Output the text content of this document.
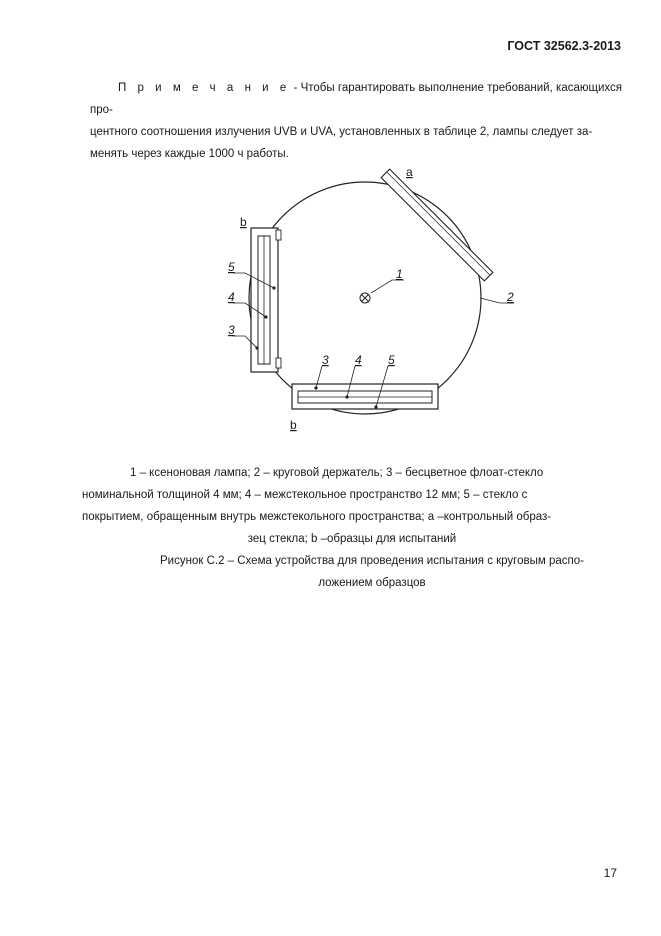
ГОСТ 32562.3-2013
П р и м е ч а н и е - Чтобы гарантировать выполнение требований, касающихся про-
центного соотношения излучения UVB и UVA, установленных в таблице 2, лампы следует за-
менять через каждые 1000 ч работы.
a
b
b
1
2
5
4
3
3 4 5
1 – ксеноновая лампа; 2 – круговой держатель; 3 – бесцветное флоат-стекло
номинальной толщиной 4 мм; 4 – межстекольное пространство 12 мм; 5 – стекло с
покрытием, обращенным внутрь межстекольного пространства; a –контрольный образ-
зец стекла; b –образцы для испытаний
Рисунок С.2 – Схема устройства для проведения испытания с круговым распо-
ложением образцов
17
